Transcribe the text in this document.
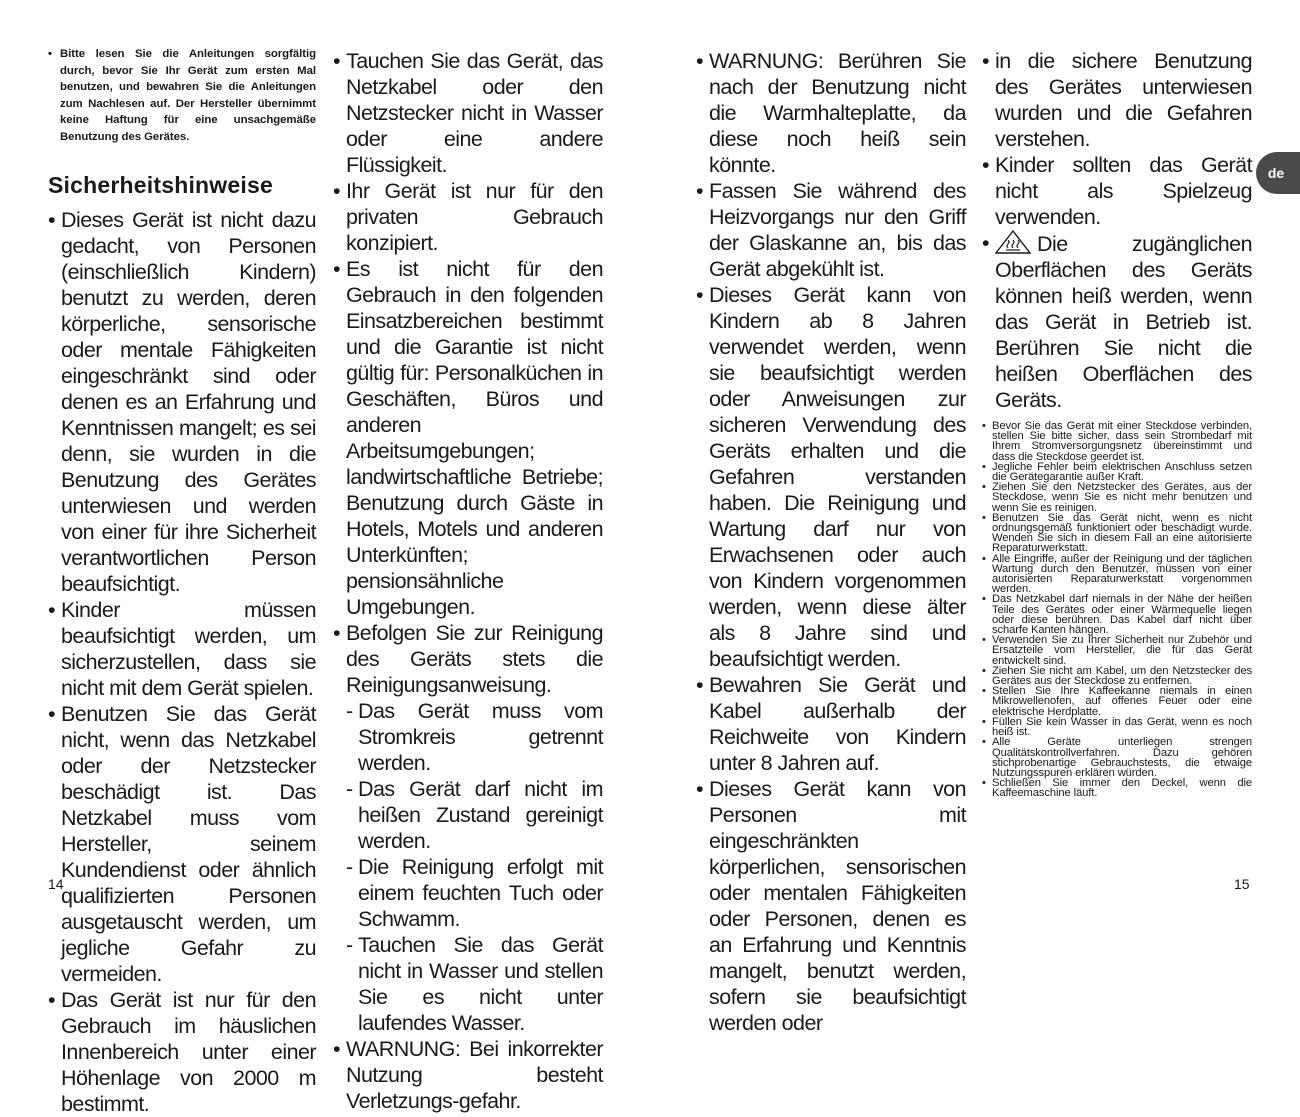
• Bitte lesen Sie die Anleitungen sorgfältig durch, bevor Sie Ihr Gerät zum ersten Mal benutzen, und bewahren Sie die Anleitungen zum Nachlesen auf. Der Hersteller übernimmt keine Haftung für eine unsachgemäße Benutzung des Gerätes.
Sicherheitshinweise
• Dieses Gerät ist nicht dazu gedacht, von Personen (einschließlich Kindern) benutzt zu werden, deren körperliche, sensorische oder mentale Fähigkeiten eingeschränkt sind oder denen es an Erfahrung und Kenntnissen mangelt; es sei denn, sie wurden in die Benutzung des Gerätes unterwiesen und werden von einer für ihre Sicherheit verantwortlichen Person beaufsichtigt.
• Kinder müssen beaufsichtigt werden, um sicherzustellen, dass sie nicht mit dem Gerät spielen.
• Benutzen Sie das Gerät nicht, wenn das Netzkabel oder der Netzstecker beschädigt ist. Das Netzkabel muss vom Hersteller, seinem Kundendienst oder ähnlich qualifizierten Personen ausgetauscht werden, um jegliche Gefahr zu vermeiden.
• Das Gerät ist nur für den Gebrauch im häuslichen Innenbereich unter einer Höhenlage von 2000 m bestimmt.
• Tauchen Sie das Gerät, das Netzkabel oder den Netzstecker nicht in Wasser oder eine andere Flüssigkeit.
• Ihr Gerät ist nur für den privaten Gebrauch konzipiert.
• Es ist nicht für den Gebrauch in den folgenden Einsatzbereichen bestimmt und die Garantie ist nicht gültig für: Personalküchen in Geschäften, Büros und anderen Arbeitsumgebungen; landwirtschaftliche Betriebe; Benutzung durch Gäste in Hotels, Motels und anderen Unterkünften; pensionsähnliche Umgebungen.
• Befolgen Sie zur Reinigung des Geräts stets die Reinigungsanweisung.
- Das Gerät muss vom Stromkreis getrennt werden.
- Das Gerät darf nicht im heißen Zustand gereinigt werden.
- Die Reinigung erfolgt mit einem feuchten Tuch oder Schwamm.
- Tauchen Sie das Gerät nicht in Wasser und stellen Sie es nicht unter laufendes Wasser.
• WARNUNG: Bei inkorrekter Nutzung besteht Verletzungs-gefahr.
14
• WARNUNG: Berühren Sie nach der Benutzung nicht die Warmhalteplatte, da diese noch heiß sein könnte.
• Fassen Sie während des Heizvorgangs nur den Griff der Glaskanne an, bis das Gerät abgekühlt ist.
• Dieses Gerät kann von Kindern ab 8 Jahren verwendet werden, wenn sie beaufsichtigt werden oder Anweisungen zur sicheren Verwendung des Geräts erhalten und die Gefahren verstanden haben. Die Reinigung und Wartung darf nur von Erwachsenen oder auch von Kindern vorgenommen werden, wenn diese älter als 8 Jahre sind und beaufsichtigt werden.
• Bewahren Sie Gerät und Kabel außerhalb der Reichweite von Kindern unter 8 Jahren auf.
• Dieses Gerät kann von Personen mit eingeschränkten körperlichen, sensorischen oder mentalen Fähigkeiten oder Personen, denen es an Erfahrung und Kenntnis mangelt, benutzt werden, sofern sie beaufsichtigt werden oder
• in die sichere Benutzung des Gerätes unterwiesen wurden und die Gefahren verstehen.
• Kinder sollten das Gerät nicht als Spielzeug verwenden.
• Die zugänglichen Oberflächen des Geräts können heiß werden, wenn das Gerät in Betrieb ist. Berühren Sie nicht die heißen Oberflächen des Geräts.
• Bevor Sie das Gerät mit einer Steckdose verbinden, stellen Sie bitte sicher, dass sein Strombedarf mit Ihrem Stromversorgungsnetz übereinstimmt und dass die Steckdose geerdet ist.
• Jegliche Fehler beim elektrischen Anschluss setzen die Gerätegarantie außer Kraft.
• Ziehen Sie den Netzstecker des Gerätes, aus der Steckdose, wenn Sie es nicht mehr benutzen und wenn Sie es reinigen.
• Benutzen Sie das Gerät nicht, wenn es nicht ordnungsgemäß funktioniert oder beschädigt wurde. Wenden Sie sich in diesem Fall an eine autorisierte Reparaturwerkstatt.
• Alle Eingriffe, außer der Reinigung und der täglichen Wartung durch den Benutzer, müssen von einer autorisierten Reparaturwerkstatt vorgenommen werden.
• Das Netzkabel darf niemals in der Nähe der heißen Teile des Gerätes oder einer Wärmequelle liegen oder diese berühren. Das Kabel darf nicht über scharfe Kanten hängen.
• Verwenden Sie zu Ihrer Sicherheit nur Zubehör und Ersatzteile vom Hersteller, die für das Gerät entwickelt sind.
• Ziehen Sie nicht am Kabel, um den Netzstecker des Gerätes aus der Steckdose zu entfernen.
• Stellen Sie Ihre Kaffeekanne niemals in einen Mikrowellenofen, auf offenes Feuer oder eine elektrische Herdplatte.
• Füllen Sie kein Wasser in das Gerät, wenn es noch heiß ist.
• Alle Geräte unterliegen strengen Qualitätskontrollverfahren. Dazu gehören stichprobenartige Gebrauchstests, die etwaige Nutzungsspuren erklären würden.
• Schließen Sie immer den Deckel, wenn die Kaffeemaschine läuft.
de
15
